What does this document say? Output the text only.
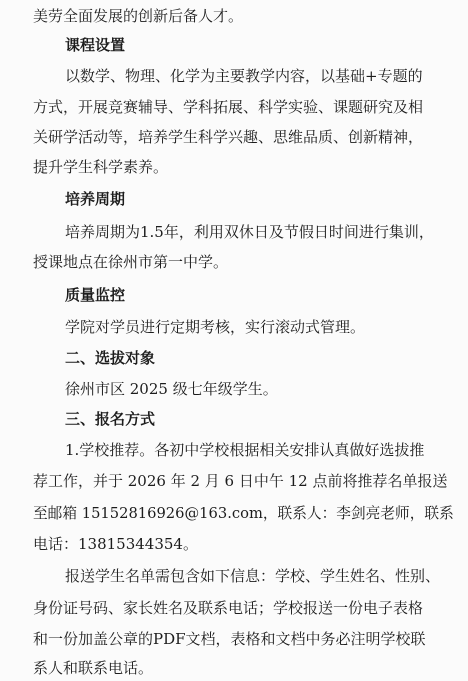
美劳全面发展的创新后备人才。
课程设置
以数学、物理、化学为主要教学内容，以基础+专题的
方式，开展竞赛辅导、学科拓展、科学实验、课题研究及相
关研学活动等，培养学生科学兴趣、思维品质、创新精神，
提升学生科学素养。
培养周期
培养周期为1.5年，利用双休日及节假日时间进行集训，
授课地点在徐州市第一中学。
质量监控
学院对学员进行定期考核，实行滚动式管理。
二、选拔对象
徐州市区 2025 级七年级学生。
三、报名方式
1.学校推荐。各初中学校根据相关安排认真做好选拔推
荐工作，并于 2026 年 2 月 6 日中午 12 点前将推荐名单报送
至邮箱 15152816926@163.com，联系人：李剑亮老师，联系
电话：13815344354。
报送学生名单需包含如下信息：学校、学生姓名、性别、
身份证号码、家长姓名及联系电话；学校报送一份电子表格
和一份加盖公章的PDF文档，表格和文档中务必注明学校联
系人和联系电话。
